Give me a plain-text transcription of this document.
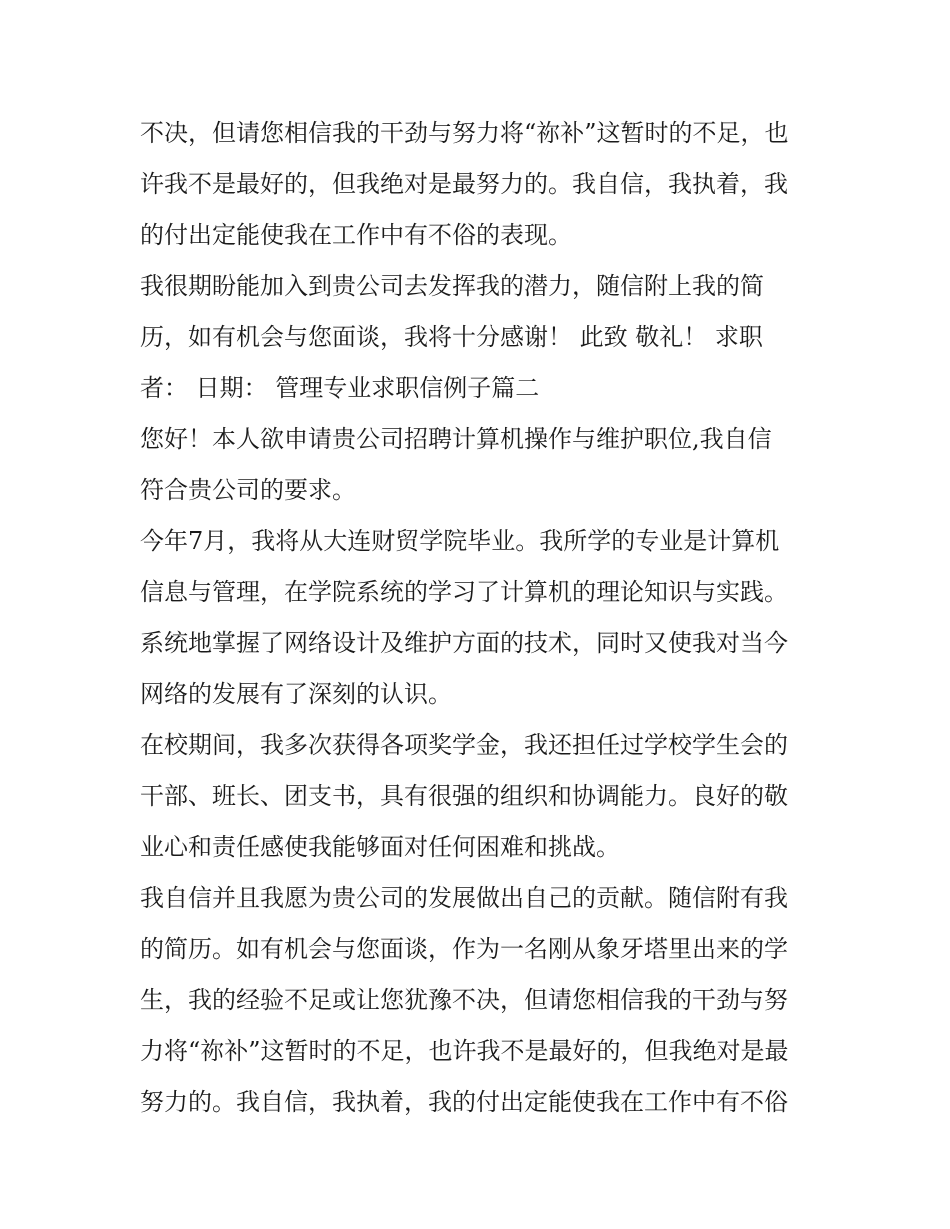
不决，但请您相信我的干劲与努力将“祢补”这暂时的不足，也

许我不是最好的，但我绝对是最努力的。我自信，我执着，我

的付出定能使我在工作中有不俗的表现。

我很期盼能加入到贵公司去发挥我的潜力，随信附上我的简

历，如有机会与您面谈，我将十分感谢！ 此致 敬礼！ 求职

者： 日期： 管理专业求职信例子篇二

您好！本人欲申请贵公司招聘计算机操作与维护职位,我自信

符合贵公司的要求。

今年7月，我将从大连财贸学院毕业。我所学的专业是计算机

信息与管理，在学院系统的学习了计算机的理论知识与实践。

系统地掌握了网络设计及维护方面的技术，同时又使我对当今

网络的发展有了深刻的认识。

在校期间，我多次获得各项奖学金，我还担任过学校学生会的

干部、班长、团支书，具有很强的组织和协调能力。良好的敬

业心和责任感使我能够面对任何困难和挑战。

我自信并且我愿为贵公司的发展做出自己的贡献。随信附有我

的简历。如有机会与您面谈，作为一名刚从象牙塔里出来的学

生，我的经验不足或让您犹豫不决，但请您相信我的干劲与努

力将“祢补”这暂时的不足，也许我不是最好的，但我绝对是最

努力的。我自信，我执着，我的付出定能使我在工作中有不俗
